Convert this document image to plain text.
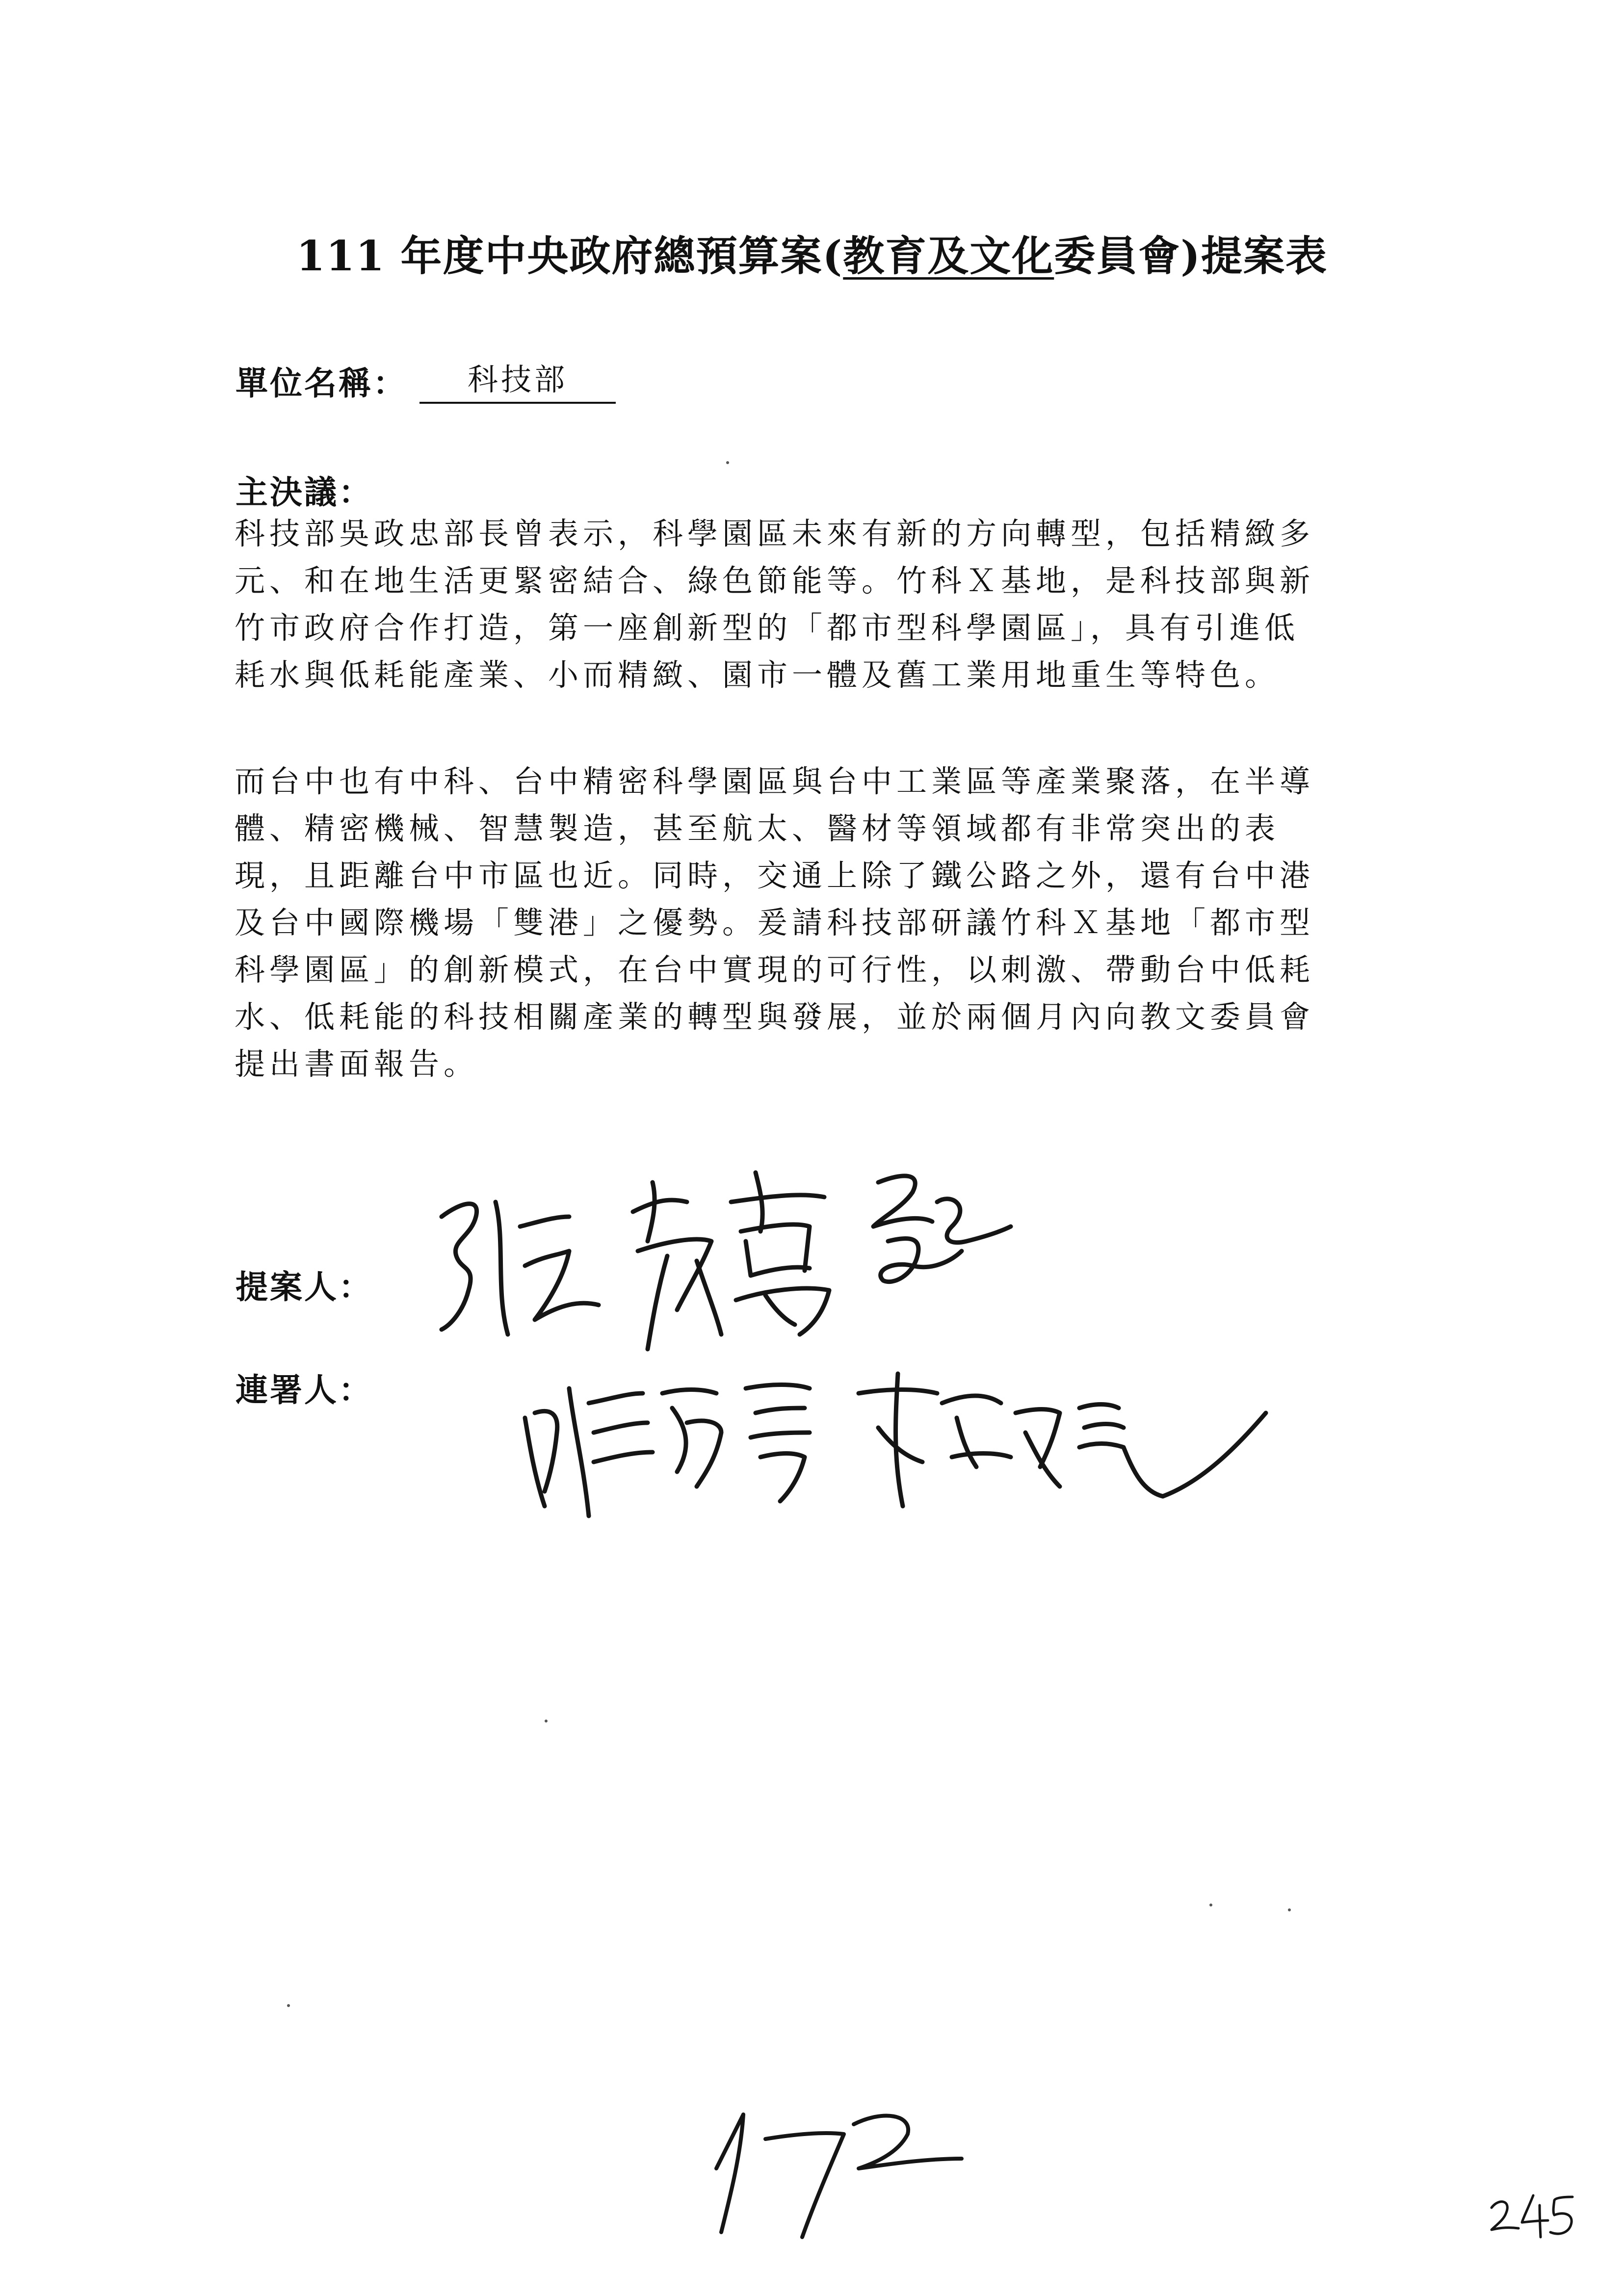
111 年度中央政府總預算案(教育及文化委員會)提案表
單位名稱：	科技部
主決議：
科技部吳政忠部長曾表示，科學園區未來有新的方向轉型，包括精緻多
元、和在地生活更緊密結合、綠色節能等。竹科Ｘ基地，是科技部與新
竹市政府合作打造，第一座創新型的「都市型科學園區」，具有引進低
耗水與低耗能產業、小而精緻、園市一體及舊工業用地重生等特色。
而台中也有中科、台中精密科學園區與台中工業區等產業聚落，在半導
體、精密機械、智慧製造，甚至航太、醫材等領域都有非常突出的表
現，且距離台中市區也近。同時，交通上除了鐵公路之外，還有台中港
及台中國際機場「雙港」之優勢。爰請科技部研議竹科Ｘ基地「都市型
科學園區」的創新模式，在台中實現的可行性，以刺激、帶動台中低耗
水、低耗能的科技相關產業的轉型與發展，並於兩個月內向教文委員會
提出書面報告。
提案人：
連署人：
